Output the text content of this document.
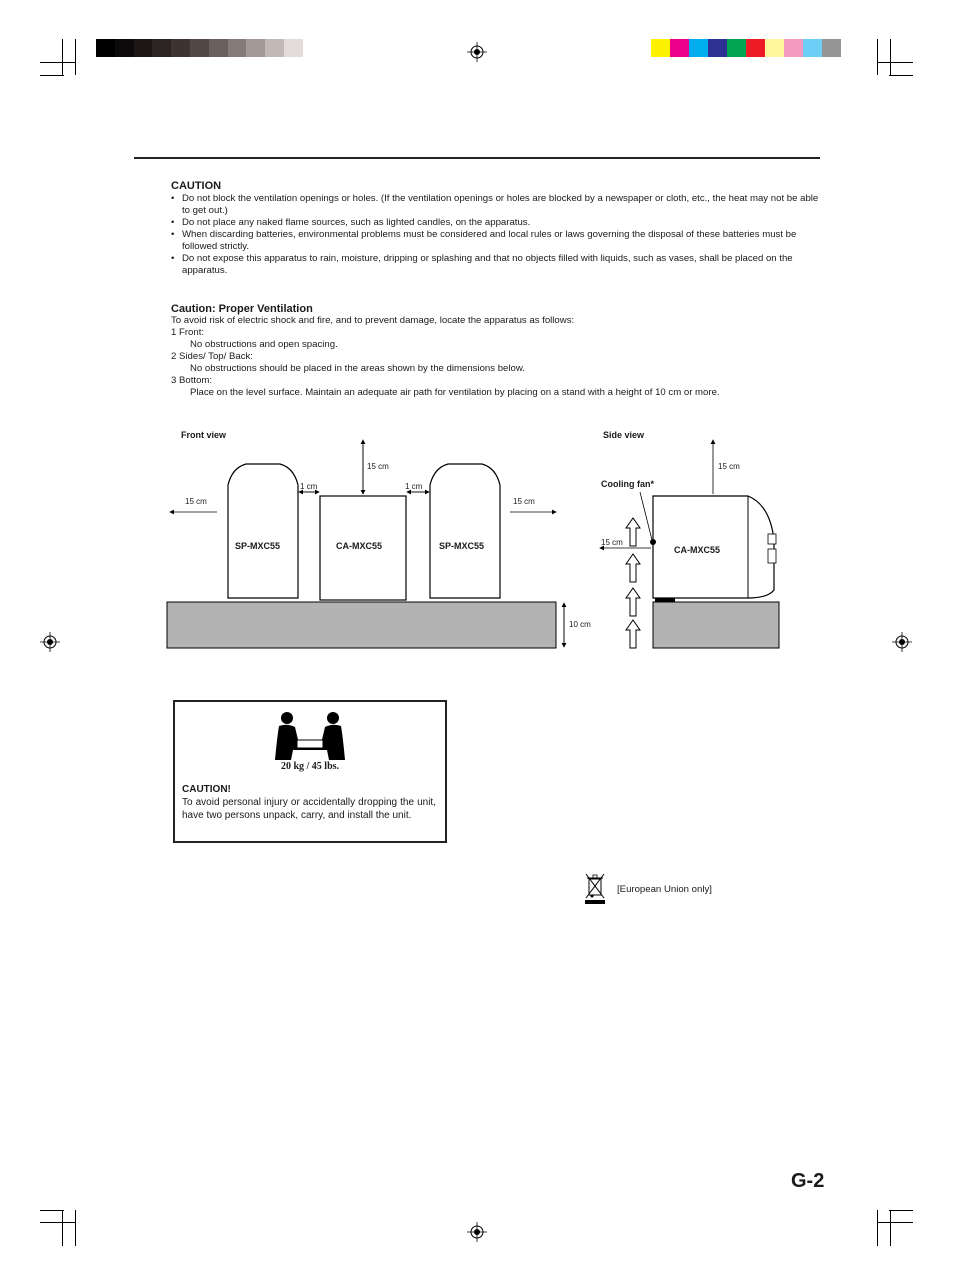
CAUTION
• Do not block the ventilation openings or holes. (If the ventilation openings or holes are blocked by a newspaper or cloth, etc., the heat may not be able to get out.)
• Do not place any naked flame sources, such as lighted candles, on the apparatus.
• When discarding batteries, environmental problems must be considered and local rules or laws governing the disposal of these batteries must be followed strictly.
• Do not expose this apparatus to rain, moisture, dripping or splashing and that no objects filled with liquids, such as vases, shall be placed on the apparatus.
Caution: Proper Ventilation
To avoid risk of electric shock and fire, and to prevent damage, locate the apparatus as follows:
1 Front:
No obstructions and open spacing.
2 Sides/ Top/ Back:
No obstructions should be placed in the areas shown by the dimensions below.
3 Bottom:
Place on the level surface. Maintain an adequate air path for ventilation by placing on a stand with a height of 10 cm or more.
Front view	Side view
15 cm	15 cm
15 cm
1 cm	1 cm
SP-MXC55	CA-MXC55	SP-MXC55
10 cm
Cooling fan*
15 cm
15 cm
CA-MXC55
20 kg / 45 lbs.
CAUTION!
To avoid personal injury or accidentally dropping the unit, have two persons unpack, carry, and install the unit.
[European Union only]
G-2
